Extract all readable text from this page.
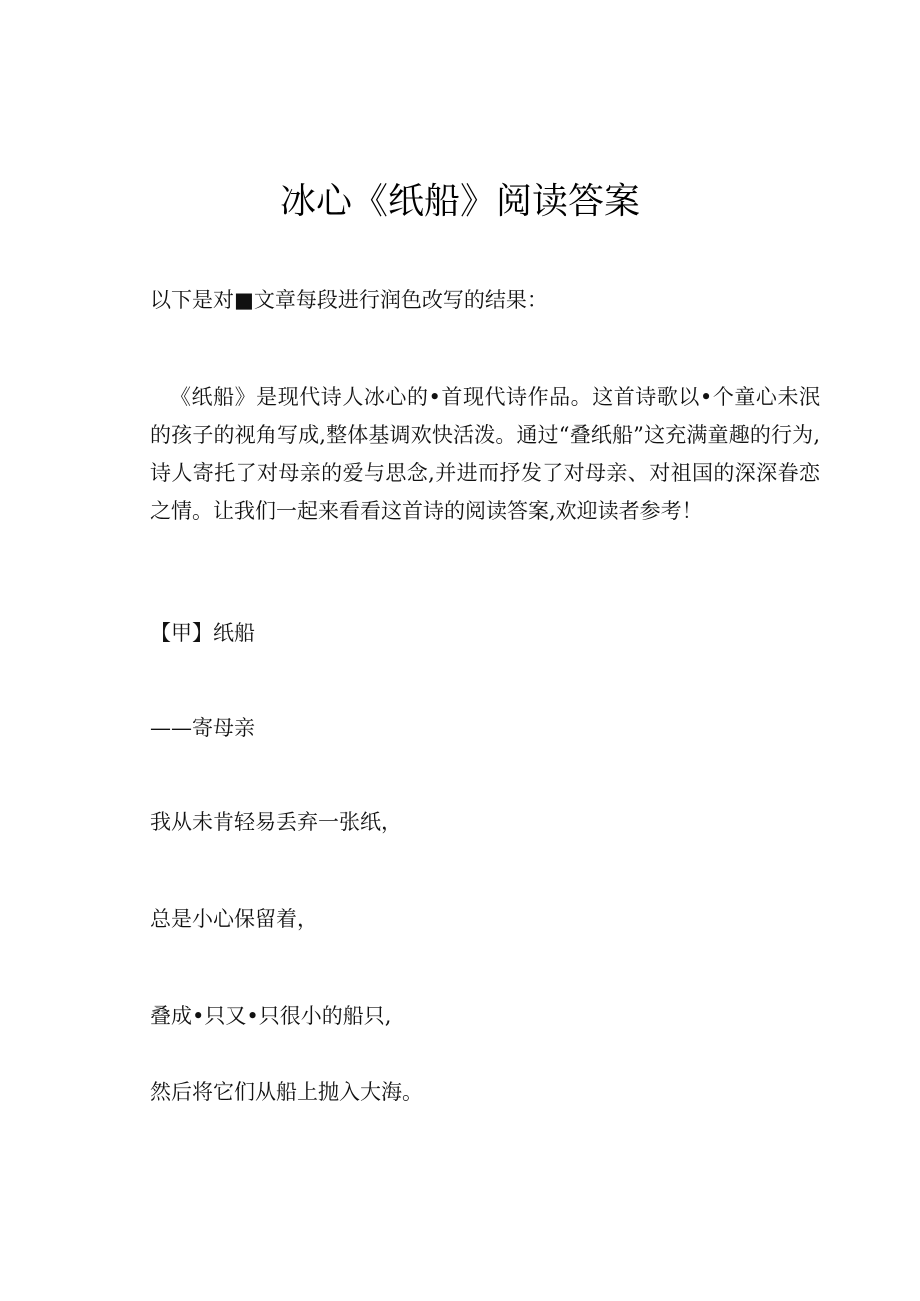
冰心《纸船》阅读答案

以下是对■文章每段进行润色改写的结果：

《纸船》是现代诗人冰心的•首现代诗作品。这首诗歌以•个童心未泯的孩子的视角写成,整体基调欢快活泼。通过“叠纸船”这充满童趣的行为,诗人寄托了对母亲的爱与思念,并进而抒发了对母亲、对祖国的深深眷恋之情。让我们一起来看看这首诗的阅读答案,欢迎读者参考！

【甲】纸船

——寄母亲

我从未肯轻易丢弃一张纸，

总是小心保留着，

叠成•只又•只很小的船只,

然后将它们从船上抛入大海。
